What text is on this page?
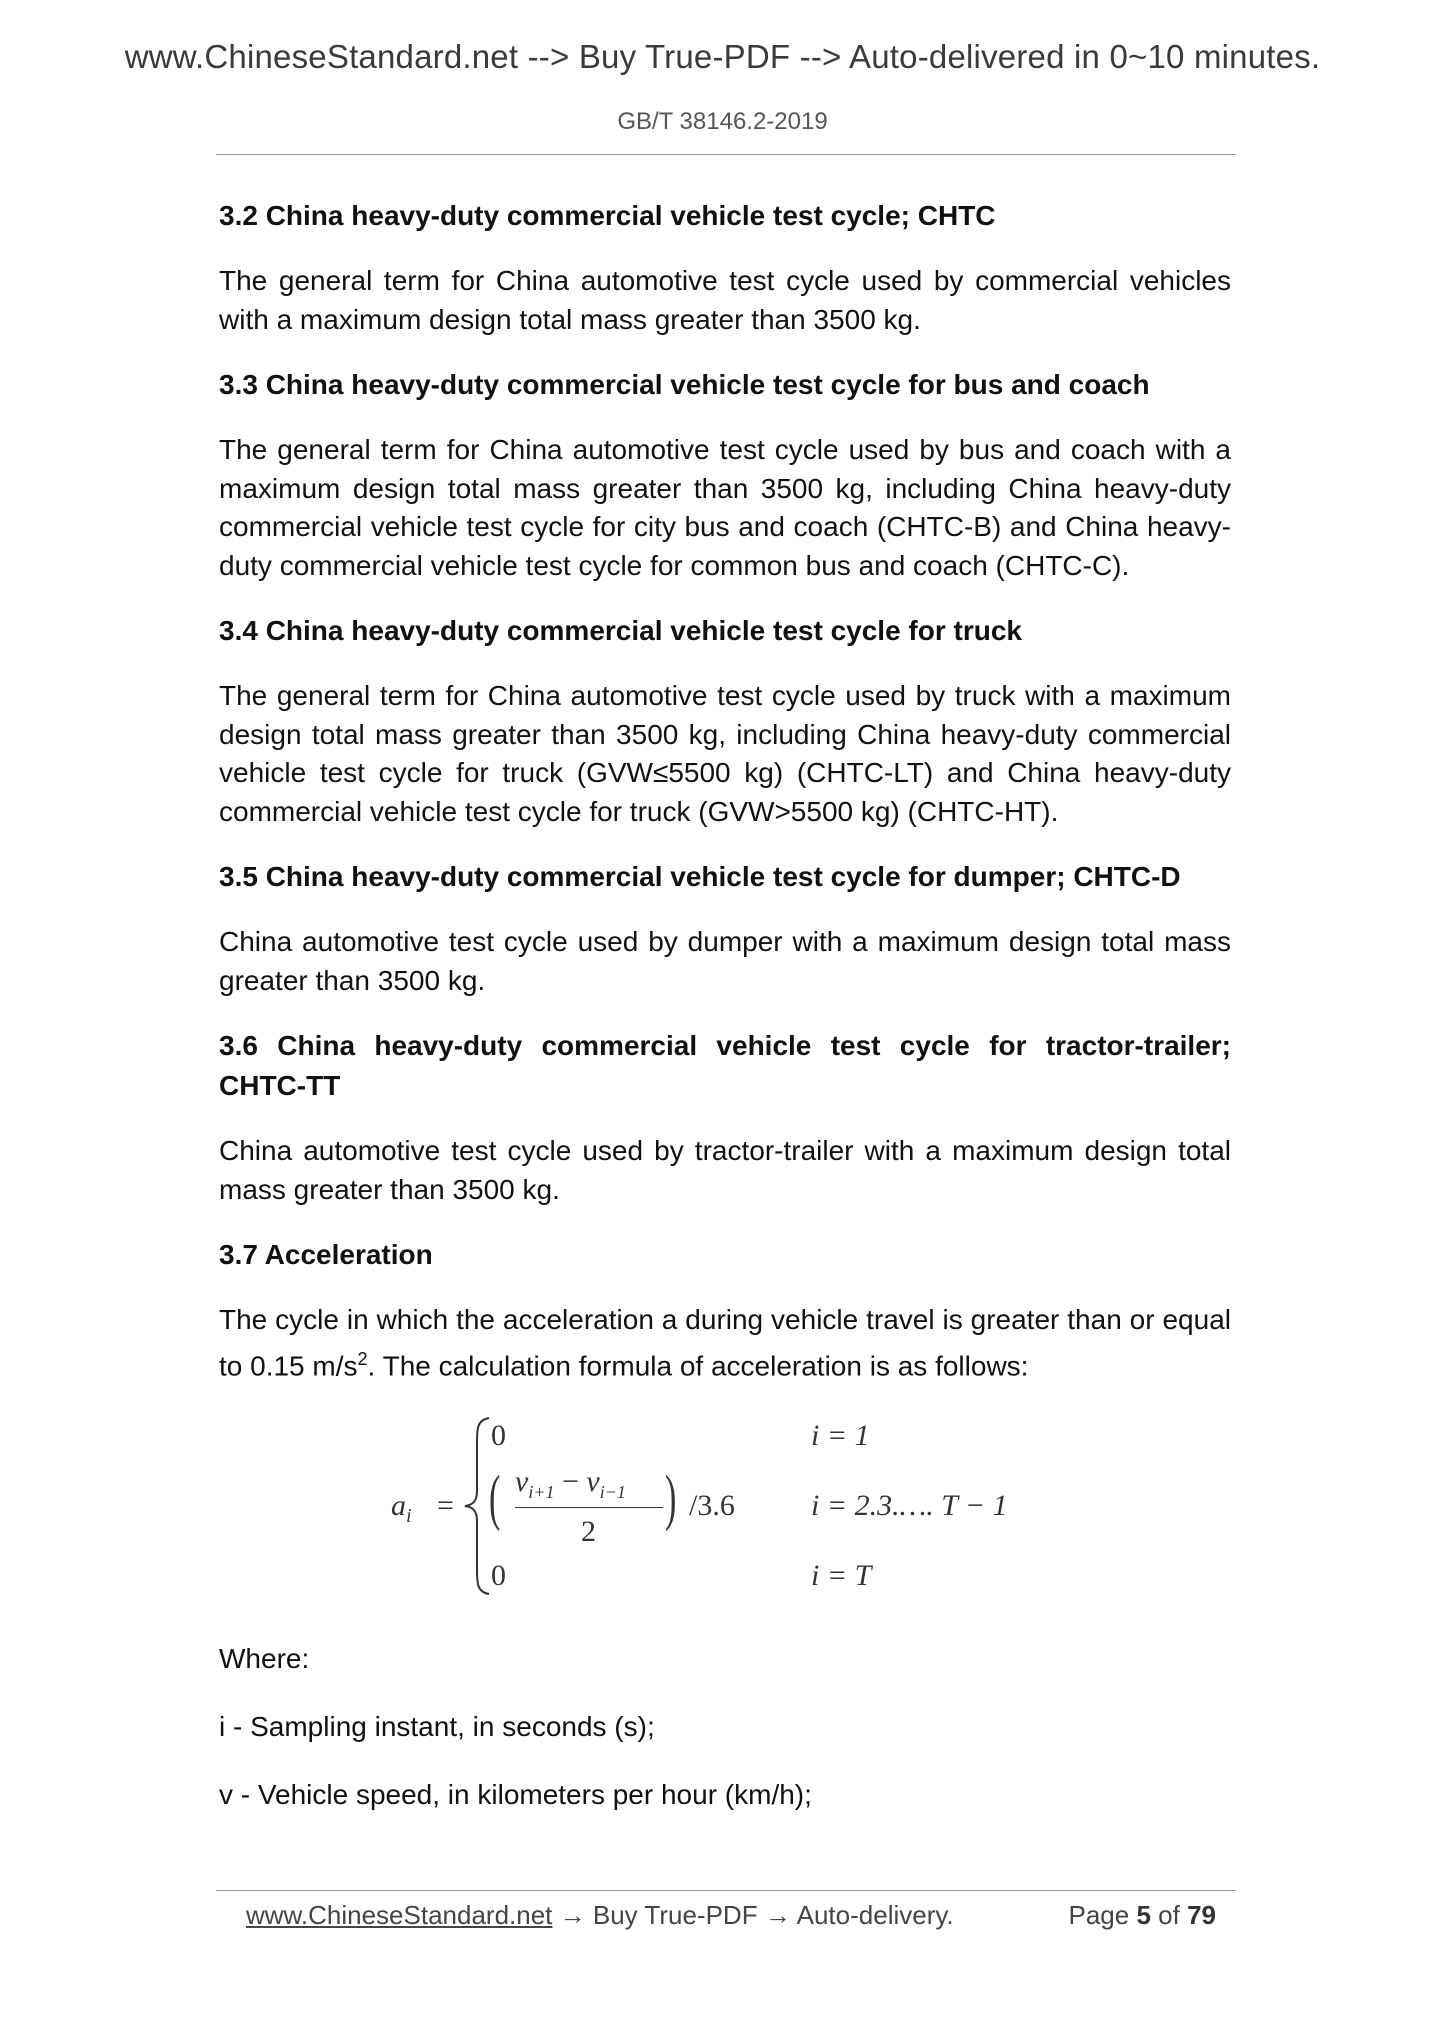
www.ChineseStandard.net --> Buy True-PDF --> Auto-delivered in 0~10 minutes.
GB/T 38146.2-2019
3.2 China heavy-duty commercial vehicle test cycle; CHTC
The general term for China automotive test cycle used by commercial vehicles with a maximum design total mass greater than 3500 kg.
3.3 China heavy-duty commercial vehicle test cycle for bus and coach
The general term for China automotive test cycle used by bus and coach with a maximum design total mass greater than 3500 kg, including China heavy-duty commercial vehicle test cycle for city bus and coach (CHTC-B) and China heavy-duty commercial vehicle test cycle for common bus and coach (CHTC-C).
3.4 China heavy-duty commercial vehicle test cycle for truck
The general term for China automotive test cycle used by truck with a maximum design total mass greater than 3500 kg, including China heavy-duty commercial vehicle test cycle for truck (GVW≤5500 kg) (CHTC-LT) and China heavy-duty commercial vehicle test cycle for truck (GVW>5500 kg) (CHTC-HT).
3.5 China heavy-duty commercial vehicle test cycle for dumper; CHTC-D
China automotive test cycle used by dumper with a maximum design total mass greater than 3500 kg.
3.6 China heavy-duty commercial vehicle test cycle for tractor-trailer; CHTC-TT
China automotive test cycle used by tractor-trailer with a maximum design total mass greater than 3500 kg.
3.7 Acceleration
The cycle in which the acceleration a during vehicle travel is greater than or equal to 0.15 $m/s^2$. The calculation formula of acceleration is as follows:
$a_i$ =
0	i = 1
( $v_{i+1} - v_{i-1}$
2 ) /3.6	i = 2.3.…. T − 1
0	i = T
Where:
i - Sampling instant, in seconds (s);
v - Vehicle speed, in kilometers per hour (km/h);
www.ChineseStandard.net → Buy True-PDF → Auto-delivery.	Page 5 of 79
